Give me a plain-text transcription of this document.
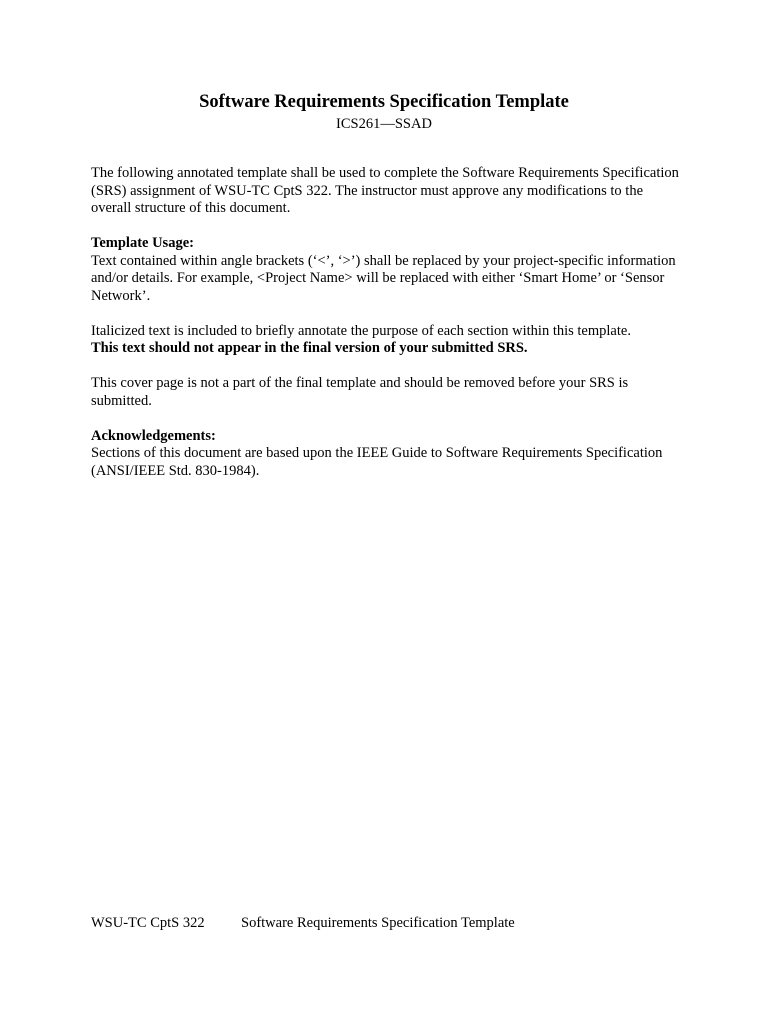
Software Requirements Specification Template
ICS261—SSAD

The following annotated template shall be used to complete the Software Requirements Specification (SRS) assignment of WSU-TC CptS 322. The instructor must approve any modifications to the overall structure of this document.

Template Usage:
Text contained within angle brackets (‘<’, ‘>’) shall be replaced by your project-specific information and/or details. For example, <Project Name> will be replaced with either ‘Smart Home’ or ‘Sensor Network’.
Italicized text is included to briefly annotate the purpose of each section within this template.
This text should not appear in the final version of your submitted SRS.

This cover page is not a part of the final template and should be removed before your SRS is submitted.

Acknowledgements:
Sections of this document are based upon the IEEE Guide to Software Requirements Specification (ANSI/IEEE Std. 830-1984).
WSU-TC CptS 322	Software Requirements Specification Template
